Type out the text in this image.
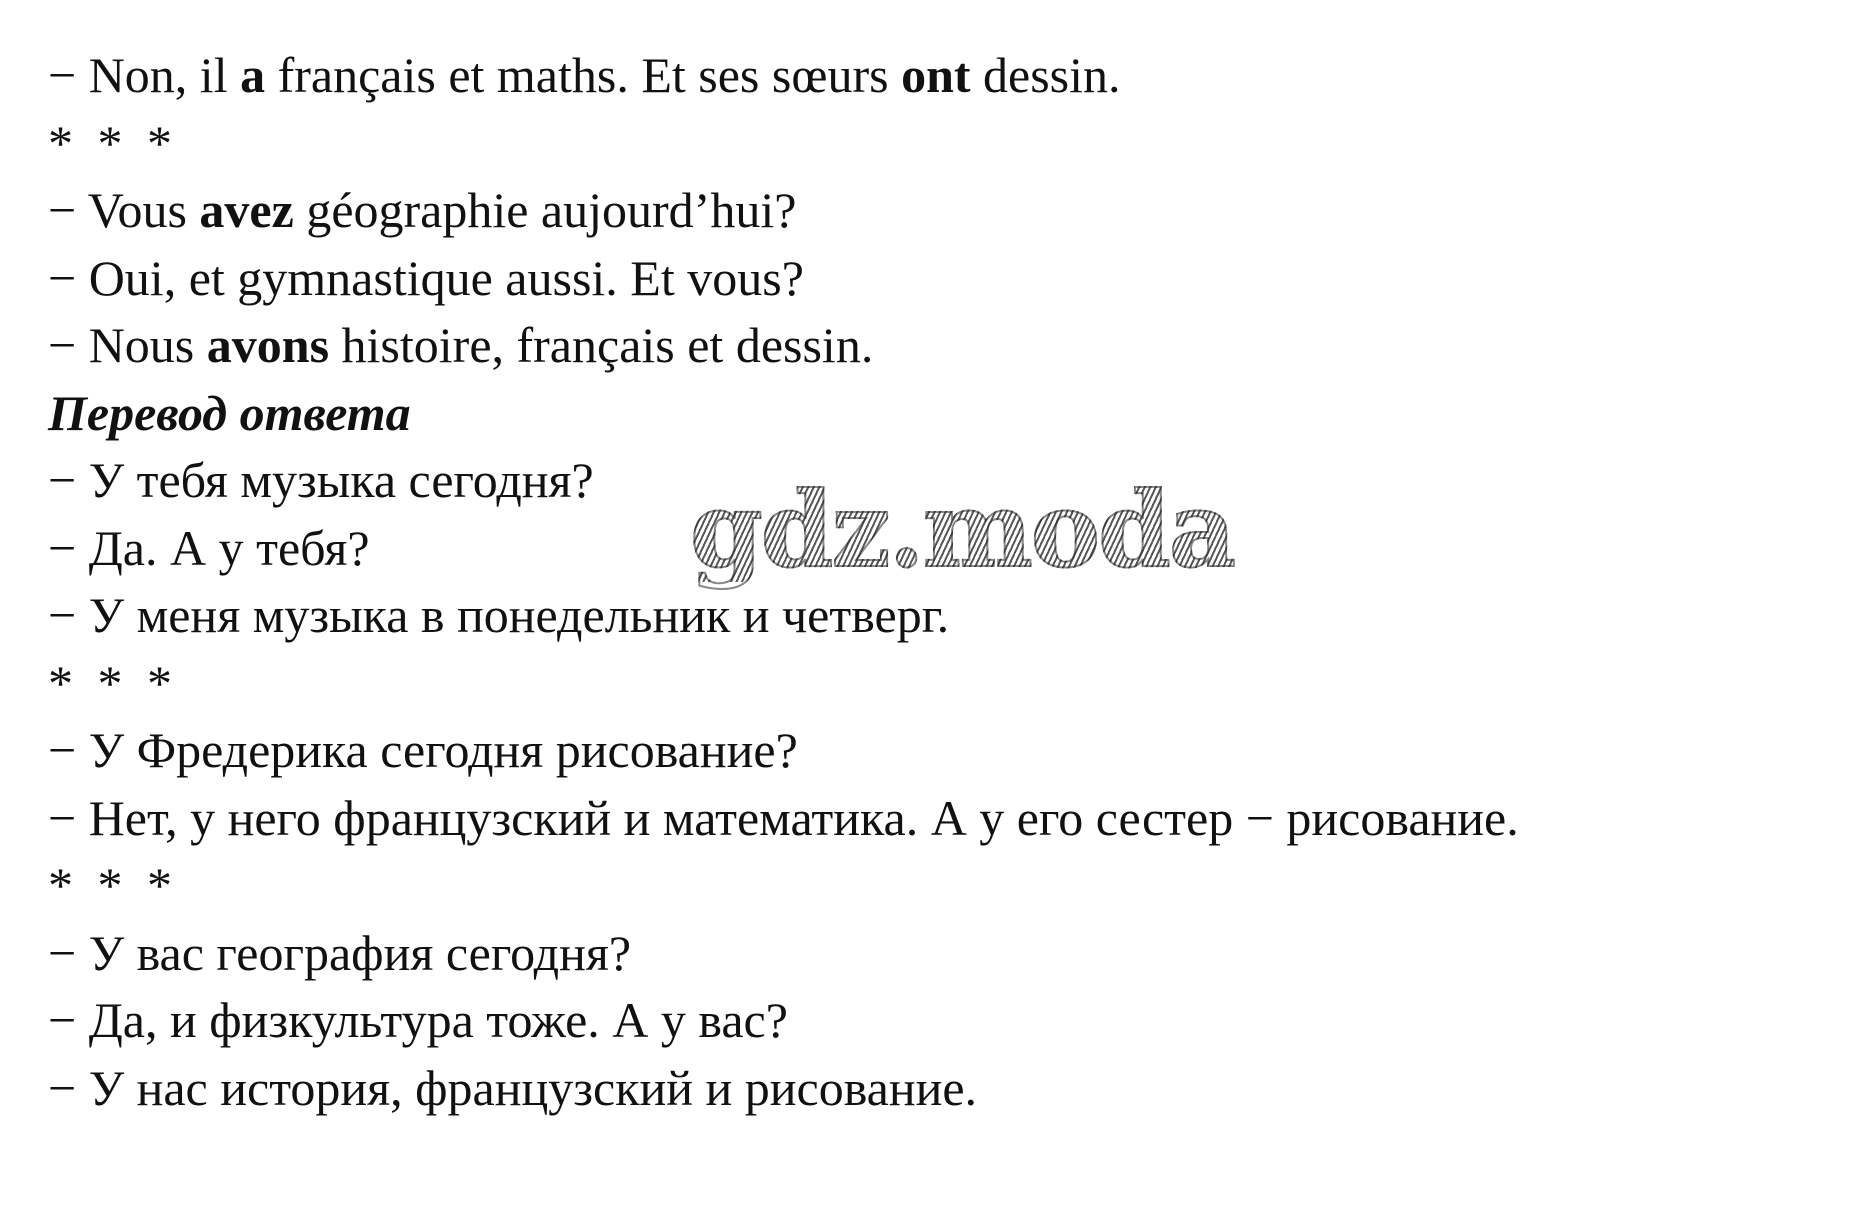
− Non, il a français et maths. Et ses sœurs ont dessin.
* * *
− Vous avez géographie aujourd’hui?
− Oui, et gymnastique aussi. Et vous?
− Nous avons histoire, français et dessin.
Перевод ответа
− У тебя музыка сегодня?
− Да. А у тебя?
− У меня музыка в понедельник и четверг.
* * *
− У Фредерика сегодня рисование?
− Нет, у него французский и математика. А у его сестер − рисование.
* * *
− У вас география сегодня?
− Да, и физкультура тоже. А у вас?
− У нас история, французский и рисование.
gdz.moda
